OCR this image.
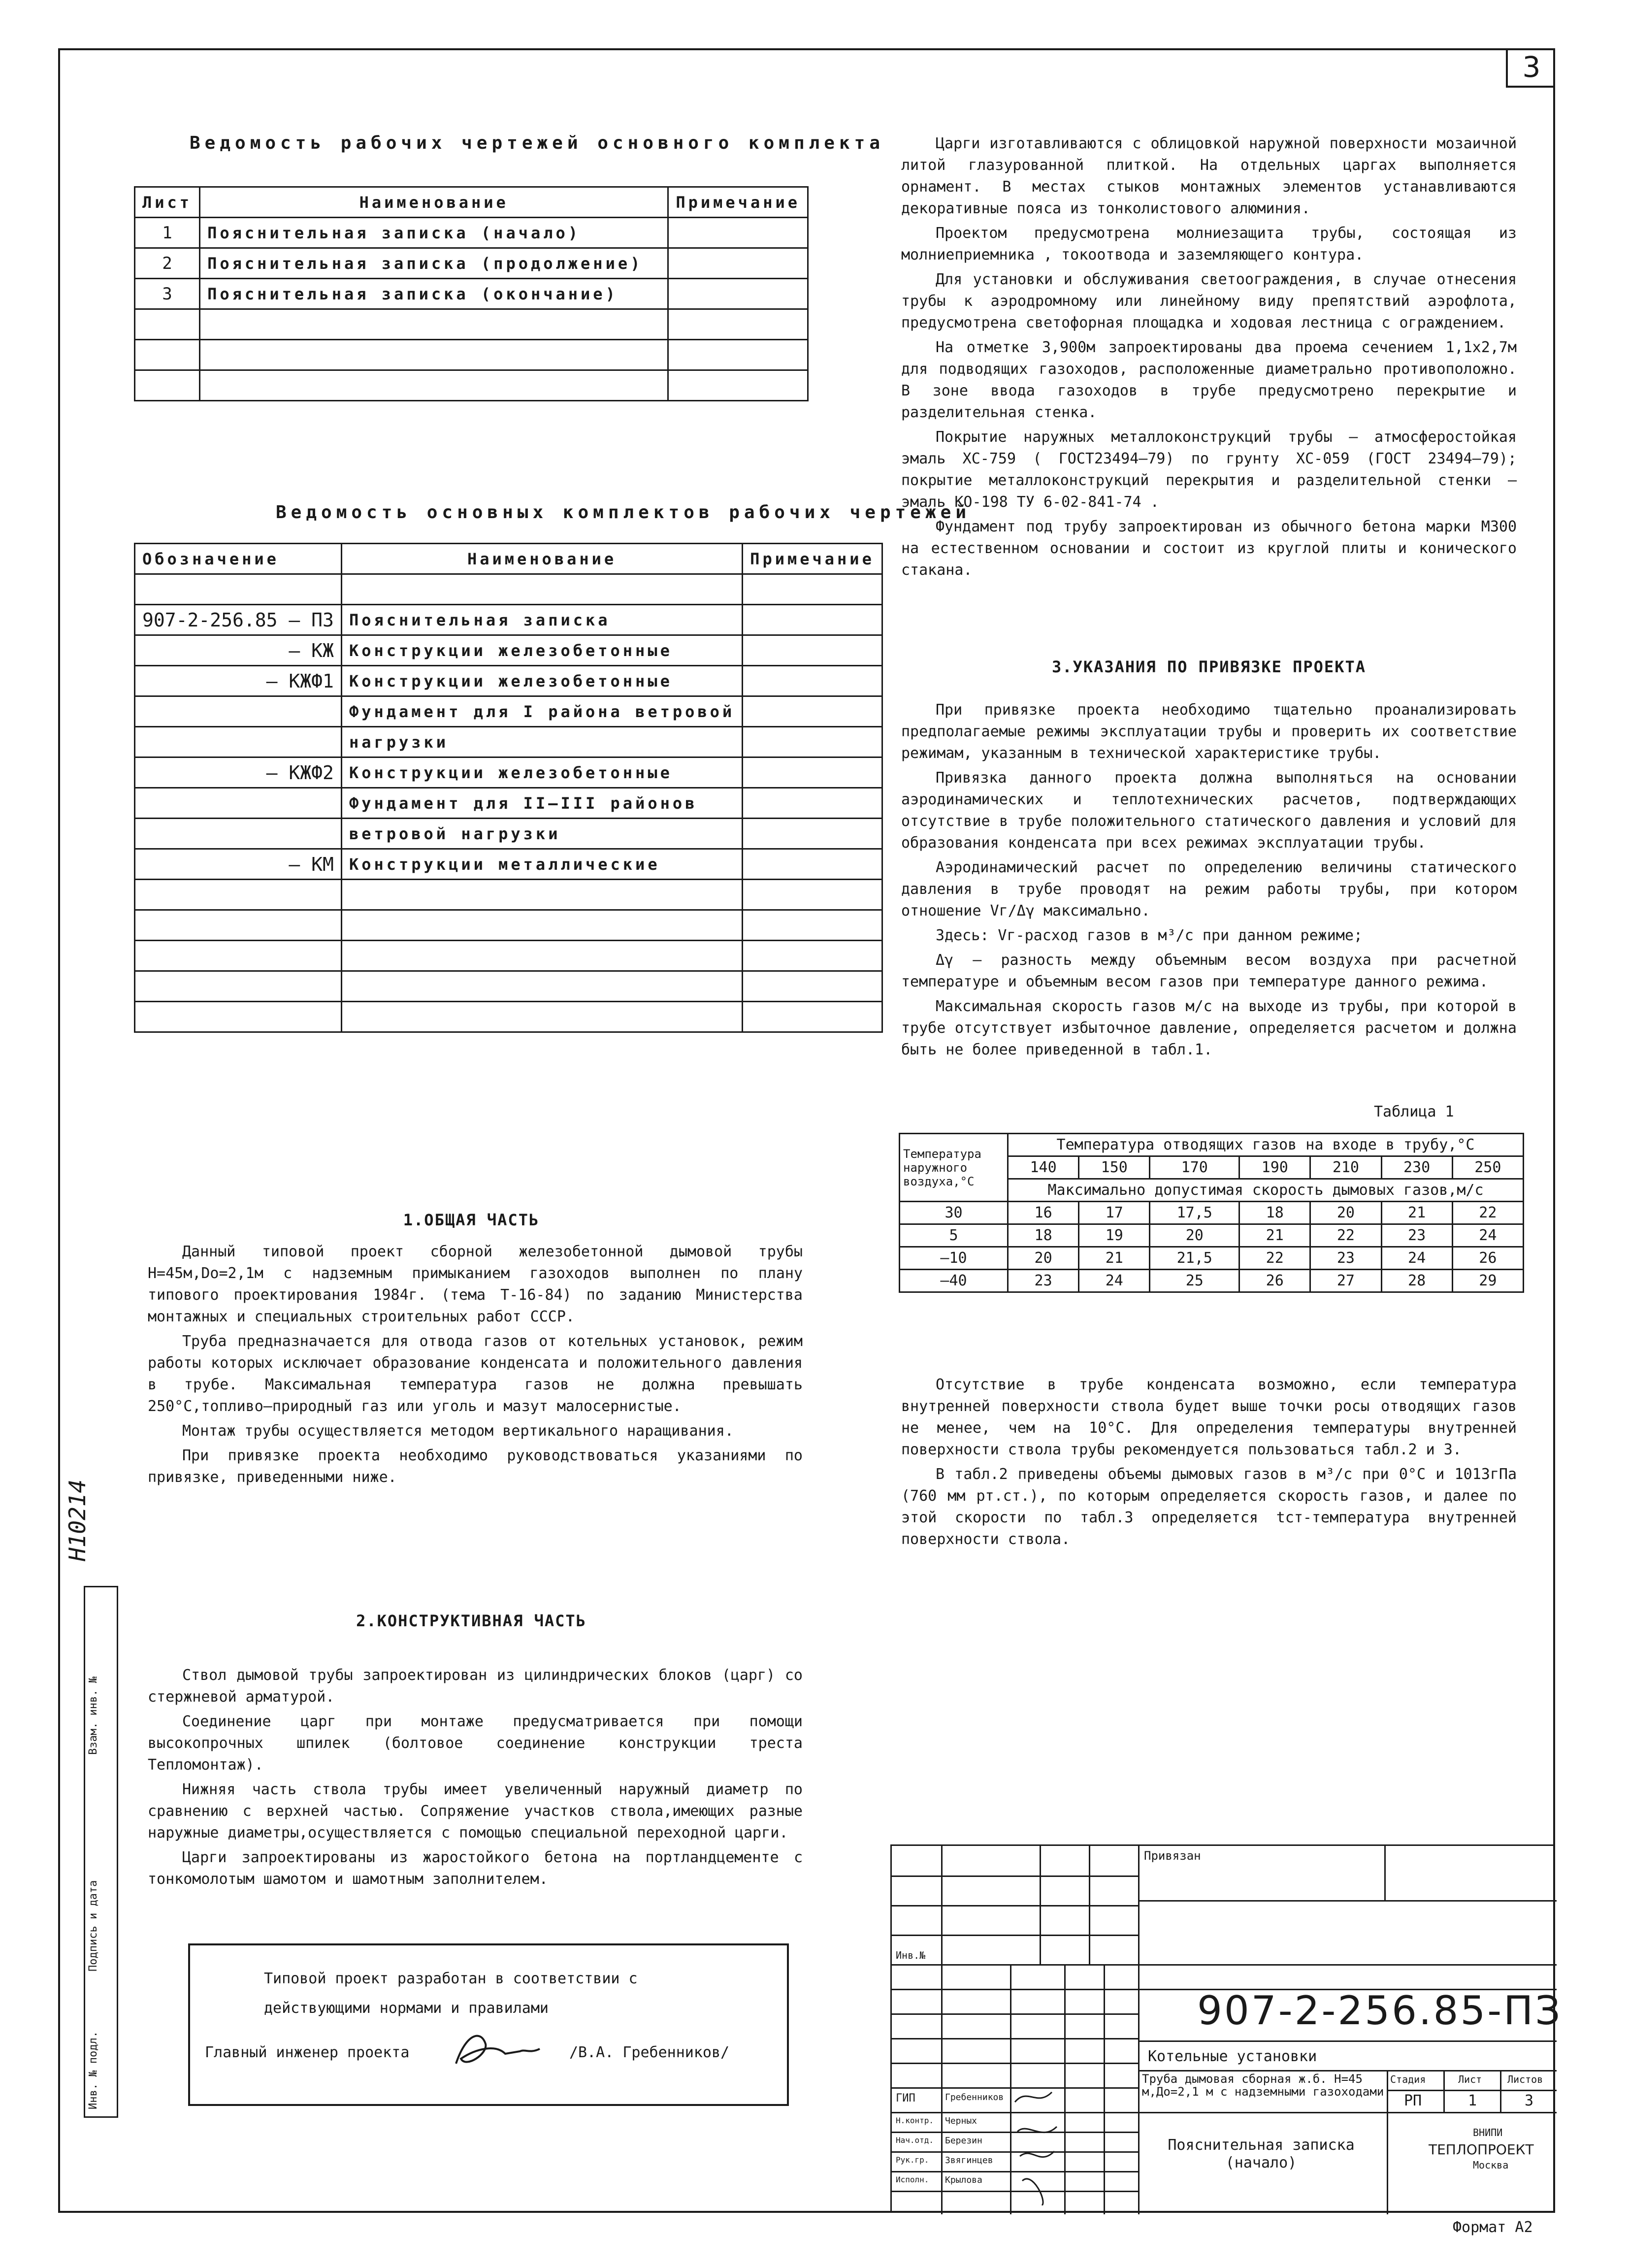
3
Н10214
Инв. № подл.
Подпись и дата
Взам. инв. №
Ведомость рабочих чертежей основного комплекта
Лист	Наименование	Примечание
1	Пояснительная записка (начало)	
2	Пояснительная записка (продолжение)	
3	Пояснительная записка (окончание)	

Ведомость основных комплектов рабочих чертежей
Обозначение	Наименование	Примечание

907-2-256.85 – ПЗ	Пояснительная записка	
– КЖ	Конструкции железобетонные	
– КЖФ1	Конструкции железобетонные	
	Фундамент для I района ветровой	
	нагрузки	
– КЖФ2	Конструкции железобетонные	
	Фундамент для II–III районов	
	ветровой нагрузки	
– КМ	Конструкции металлические	

1.ОБЩАЯ ЧАСТЬ

Данный типовой проект сборной железобетонной дымовой трубы Н=45м,Do=2,1м с надземным примыканием газоходов выполнен по плану типового проектирования 1984г. (тема Т-16-84) по заданию Министерства монтажных и специальных строительных работ СССР.

Труба предназначается для отвода газов от котельных установок, режим работы которых исключает образование конденсата и положительного давления в трубе. Максимальная температура газов не должна превышать 250°С,топливо–природный газ или уголь и мазут малосернистые.

Монтаж трубы осуществляется методом вертикального наращивания.

При привязке проекта необходимо руководствоваться указаниями по привязке, приведенными ниже.

2.КОНСТРУКТИВНАЯ ЧАСТЬ

Ствол дымовой трубы запроектирован из цилиндрических блоков (царг) со стержневой арматурой.

Соединение царг при монтаже предусматривается при помощи высокопрочных шпилек (болтовое соединение конструкции треста Тепломонтаж).

Нижняя часть ствола трубы имеет увеличенный наружный диаметр по сравнению с верхней частью. Сопряжение участков ствола,имеющих разные наружные диаметры,осуществляется с помощью специальной переходной царги.

Царги запроектированы из жаростойкого бетона на портландцементе с тонкомолотым шамотом и шамотным заполнителем.

Типовой проект разработан в соответствии с
действующими нормами и правилами
Главный инженер проекта	/В.А. Гребенников/

Царги изготавливаются с облицовкой наружной поверхности мозаичной литой глазурованной плиткой. На отдельных царгах выполняется орнамент. В местах стыков монтажных элементов устанавливаются декоративные пояса из тонколистового алюминия.

Проектом предусмотрена молниезащита трубы, состоящая из молниеприемника , токоотвода и заземляющего контура.

Для установки и обслуживания светоограждения, в случае отнесения трубы к аэродромному или линейному виду препятствий аэрофлота, предусмотрена светофорная площадка и ходовая лестница с ограждением.

На отметке 3,900м запроектированы два проема сечением 1,1х2,7м для подводящих газоходов, расположенные диаметрально противоположно. В зоне ввода газоходов в трубе предусмотрено перекрытие и разделительная стенка.

Покрытие наружных металлоконструкций трубы – атмосферостойкая эмаль ХС-759 ( ГОСТ23494–79) по грунту ХС-059 (ГОСТ 23494–79); покрытие металлоконструкций перекрытия и разделительной стенки – эмаль КО-198 ТУ 6-02-841-74 .

Фундамент под трубу запроектирован из обычного бетона марки М300 на естественном основании и состоит из круглой плиты и конического стакана.

3.УКАЗАНИЯ ПО ПРИВЯЗКЕ ПРОЕКТА

При привязке проекта необходимо тщательно проанализировать предполагаемые режимы эксплуатации трубы и проверить их соответствие режимам, указанным в технической характеристике трубы.

Привязка данного проекта должна выполняться на основании аэродинамических и теплотехнических расчетов, подтверждающих отсутствие в трубе положительного статического давления и условий для образования конденсата при всех режимах эксплуатации трубы.

Аэродинамический расчет по определению величины статического давления в трубе проводят на режим работы трубы, при котором отношение Vг/Δγ максимально.

Здесь: Vг-расход газов в м³/с при данном режиме;

Δγ – разность между объемным весом воздуха при расчетной температуре и объемным весом газов при температуре данного режима.

Максимальная скорость газов м/с на выходе из трубы, при которой в трубе отсутствует избыточное давление, определяется расчетом и должна быть не более приведенной в табл.1.

Таблица 1
Температура наружного воздуха,°С	Температура отводящих газов на входе в трубу,°С						
	140	150	170	190	210	230	250
	Максимально допустимая скорость дымовых газов,м/с						
30	16	17	17,5	18	20	21	22
5	18	19	20	21	22	23	24
–10	20	21	21,5	22	23	24	26
–40	23	24	25	26	27	28	29

Отсутствие в трубе конденсата возможно, если температура внутренней поверхности ствола будет выше точки росы отводящих газов не менее, чем на 10°С. Для определения температуры внутренней поверхности ствола трубы рекомендуется пользоваться табл.2 и 3.

В табл.2 приведены объемы дымовых газов в м³/с при 0°С и 1013гПа (760 мм рт.ст.), по которым определяется скорость газов, и далее по этой скорости по табл.3 определяется tст-температура внутренней поверхности ствола.

Привязан
Инв.№
907-2-256.85-ПЗ
Котельные установки
Труба дымовая сборная ж.б. Н=45 м,Дo=2,1 м с надземными газоходами
Стадия	Лист	Листов
РП	1	3
Пояснительная записка (начало)
ВНИПИ
ТЕПЛОПРОЕКТ
Москва
ГИП	Гребенников
Н.контр. Черных
Нач.отд. Березин
Рук.гр. Звягинцев
Исполн. Крылова
Формат А2
